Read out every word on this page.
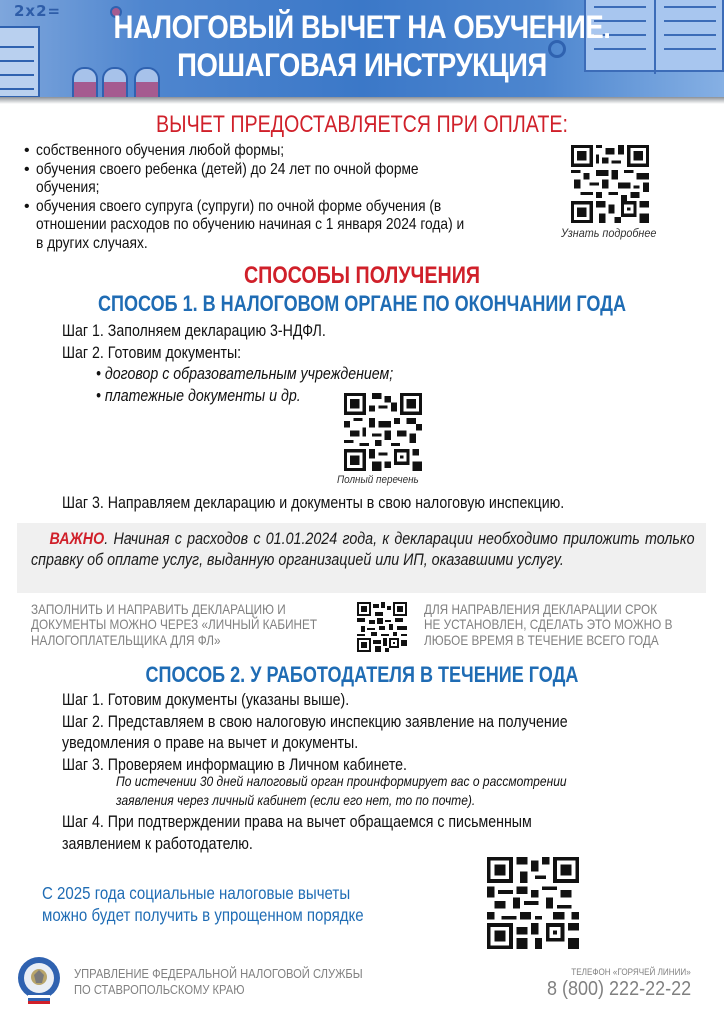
2x2=	НАЛОГОВЫЙ ВЫЧЕТ НА ОБУЧЕНИЕ.
ПОШАГОВАЯ ИНСТРУКЦИЯ
ВЫЧЕТ ПРЕДОСТАВЛЯЕТСЯ ПРИ ОПЛАТЕ:
• собственного обучения любой формы;
• обучения своего ребенка (детей) до 24 лет по очной форме
обучения;
• обучения своего супруга (супруги) по очной форме обучения (в
отношении расходов по обучению начиная с 1 января 2024 года) и
в других случаях.
Узнать подробнее
СПОСОБЫ ПОЛУЧЕНИЯ
СПОСОБ 1. В НАЛОГОВОМ ОРГАНЕ ПО ОКОНЧАНИИ ГОДА
Шаг 1. Заполняем декларацию 3-НДФЛ.
Шаг 2. Готовим документы:
• договор с образовательным учреждением;
• платежные документы и др.
Полный перечень
Шаг 3. Направляем декларацию и документы в свою налоговую инспекцию.
ВАЖНО. Начиная с расходов с 01.01.2024 года, к декларации необходимо приложить только справку об оплате услуг, выданную организацией или ИП, оказавшими услугу.
ЗАПОЛНИТЬ И НАПРАВИТЬ ДЕКЛАРАЦИЮ И
ДОКУМЕНТЫ МОЖНО ЧЕРЕЗ «ЛИЧНЫЙ КАБИНЕТ
НАЛОГОПЛАТЕЛЬЩИКА ДЛЯ ФЛ»
ДЛЯ НАПРАВЛЕНИЯ ДЕКЛАРАЦИИ СРОК
НЕ УСТАНОВЛЕН, СДЕЛАТЬ ЭТО МОЖНО В
ЛЮБОЕ ВРЕМЯ В ТЕЧЕНИЕ ВСЕГО ГОДА
СПОСОБ 2. У РАБОТОДАТЕЛЯ В ТЕЧЕНИЕ ГОДА
Шаг 1. Готовим документы (указаны выше).
Шаг 2. Представляем в свою налоговую инспекцию заявление на получение
уведомления о праве на вычет и документы.
Шаг 3. Проверяем информацию в Личном кабинете.
По истечении 30 дней налоговый орган проинформирует вас о рассмотрении
заявления через личный кабинет (если его нет, то по почте).
Шаг 4. При подтверждении права на вычет обращаемся с письменным
заявлением к работодателю.
С 2025 года социальные налоговые вычеты
можно будет получить в упрощенном порядке
УПРАВЛЕНИЕ ФЕДЕРАЛЬНОЙ НАЛОГОВОЙ СЛУЖБЫ
ПО СТАВРОПОЛЬСКОМУ КРАЮ
ТЕЛЕФОН «ГОРЯЧЕЙ ЛИНИИ»
8 (800) 222-22-22
